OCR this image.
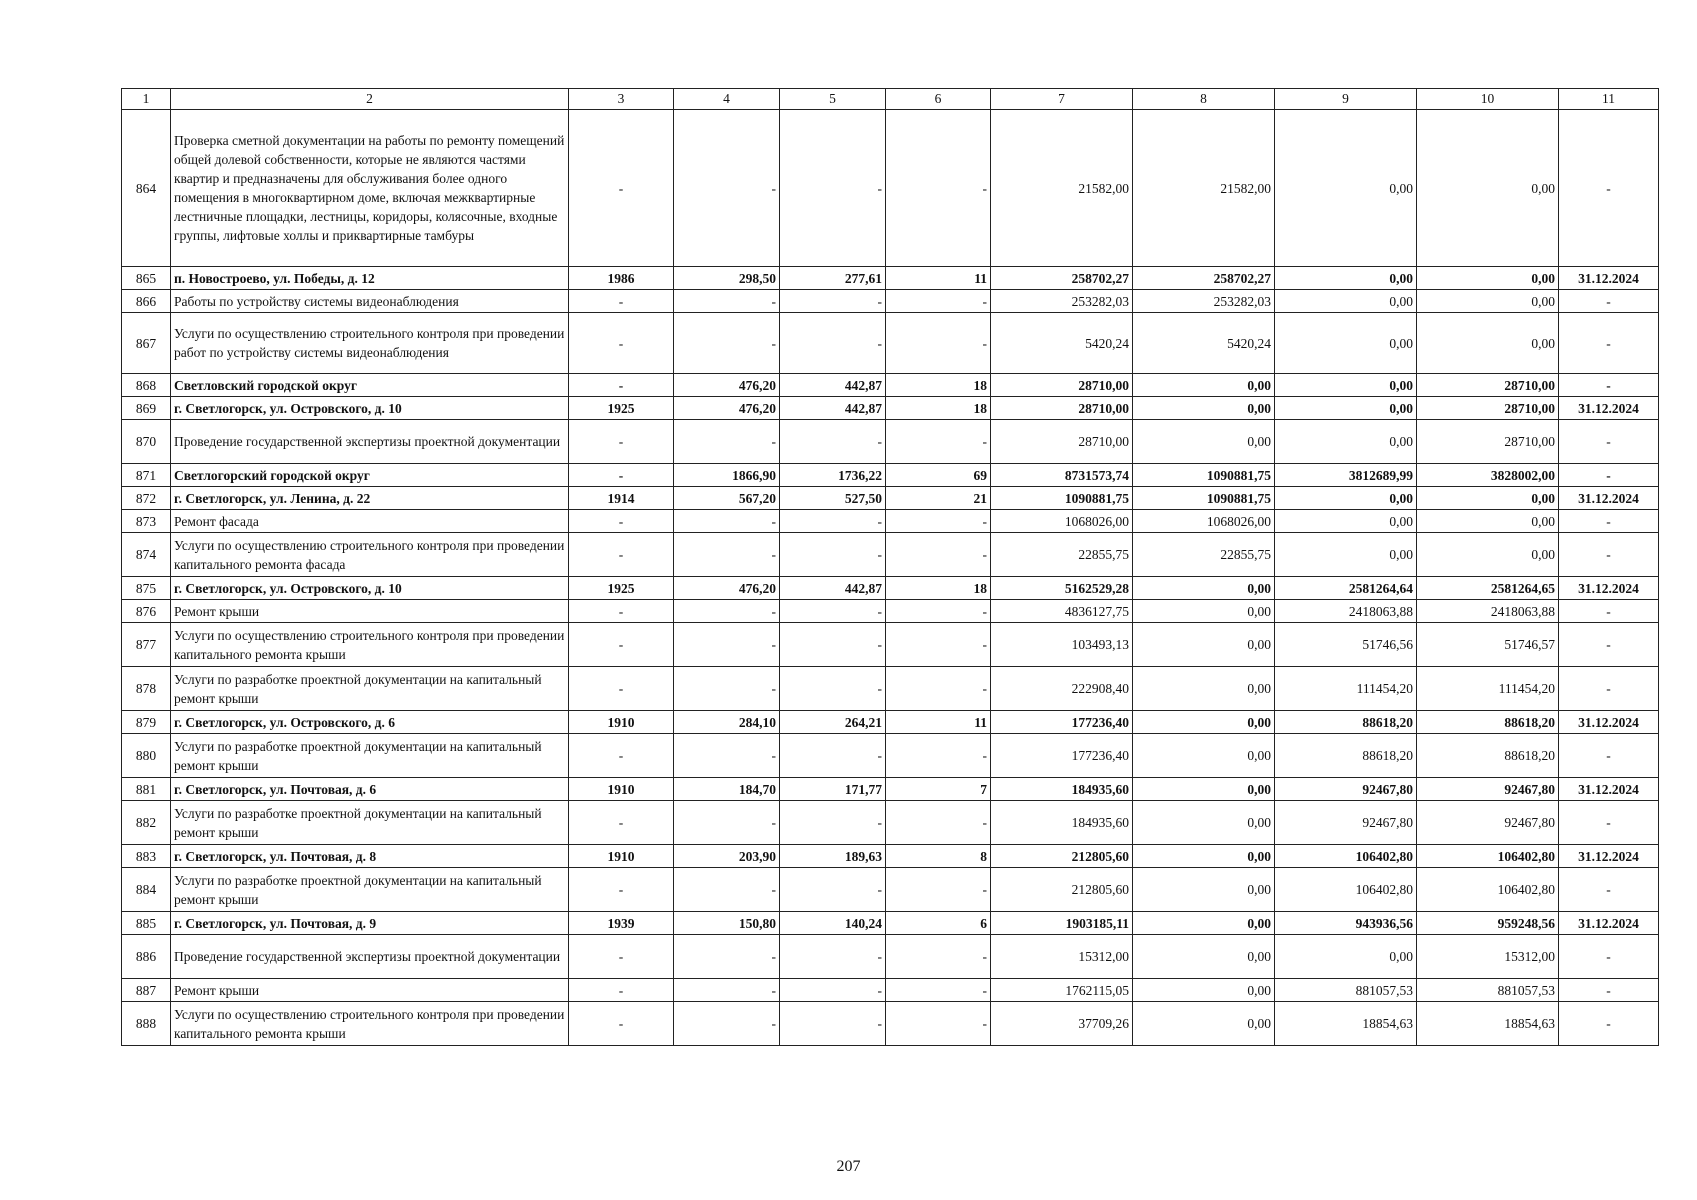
1	2	3	4	5	6	7	8	9	10	11
864	Проверка сметной документации на работы по ремонту помещений общей долевой собственности, которые не являются частями квартир и предназначены для обслуживания более одного помещения в многоквартирном доме, включая межквартирные лестничные площадки, лестницы, коридоры, колясочные, входные группы, лифтовые холлы и приквартирные тамбуры	-	-	-	-	21582,00	21582,00	0,00	0,00	-
865	п. Новостроево, ул. Победы, д. 12	1986	298,50	277,61	11	258702,27	258702,27	0,00	0,00	31.12.2024
866	Работы по устройству системы видеонаблюдения	-	-	-	-	253282,03	253282,03	0,00	0,00	-
867	Услуги по осуществлению строительного контроля при проведении работ по устройству системы видеонаблюдения	-	-	-	-	5420,24	5420,24	0,00	0,00	-
868	Светловский городской округ	-	476,20	442,87	18	28710,00	0,00	0,00	28710,00	-
869	г. Светлогорск, ул. Островского, д. 10	1925	476,20	442,87	18	28710,00	0,00	0,00	28710,00	31.12.2024
870	Проведение государственной экспертизы проектной документации	-	-	-	-	28710,00	0,00	0,00	28710,00	-
871	Светлогорский городской округ	-	1866,90	1736,22	69	8731573,74	1090881,75	3812689,99	3828002,00	-
872	г. Светлогорск, ул. Ленина, д. 22	1914	567,20	527,50	21	1090881,75	1090881,75	0,00	0,00	31.12.2024
873	Ремонт фасада	-	-	-	-	1068026,00	1068026,00	0,00	0,00	-
874	Услуги по осуществлению строительного контроля при проведении капитального ремонта фасада	-	-	-	-	22855,75	22855,75	0,00	0,00	-
875	г. Светлогорск, ул. Островского, д. 10	1925	476,20	442,87	18	5162529,28	0,00	2581264,64	2581264,65	31.12.2024
876	Ремонт крыши	-	-	-	-	4836127,75	0,00	2418063,88	2418063,88	-
877	Услуги по осуществлению строительного контроля при проведении капитального ремонта крыши	-	-	-	-	103493,13	0,00	51746,56	51746,57	-
878	Услуги по разработке проектной документации на капитальный ремонт крыши	-	-	-	-	222908,40	0,00	111454,20	111454,20	-
879	г. Светлогорск, ул. Островского, д. 6	1910	284,10	264,21	11	177236,40	0,00	88618,20	88618,20	31.12.2024
880	Услуги по разработке проектной документации на капитальный ремонт крыши	-	-	-	-	177236,40	0,00	88618,20	88618,20	-
881	г. Светлогорск, ул. Почтовая, д. 6	1910	184,70	171,77	7	184935,60	0,00	92467,80	92467,80	31.12.2024
882	Услуги по разработке проектной документации на капитальный ремонт крыши	-	-	-	-	184935,60	0,00	92467,80	92467,80	-
883	г. Светлогорск, ул. Почтовая, д. 8	1910	203,90	189,63	8	212805,60	0,00	106402,80	106402,80	31.12.2024
884	Услуги по разработке проектной документации на капитальный ремонт крыши	-	-	-	-	212805,60	0,00	106402,80	106402,80	-
885	г. Светлогорск, ул. Почтовая, д. 9	1939	150,80	140,24	6	1903185,11	0,00	943936,56	959248,56	31.12.2024
886	Проведение государственной экспертизы проектной документации	-	-	-	-	15312,00	0,00	0,00	15312,00	-
887	Ремонт крыши	-	-	-	-	1762115,05	0,00	881057,53	881057,53	-
888	Услуги по осуществлению строительного контроля при проведении капитального ремонта крыши	-	-	-	-	37709,26	0,00	18854,63	18854,63	-
207
